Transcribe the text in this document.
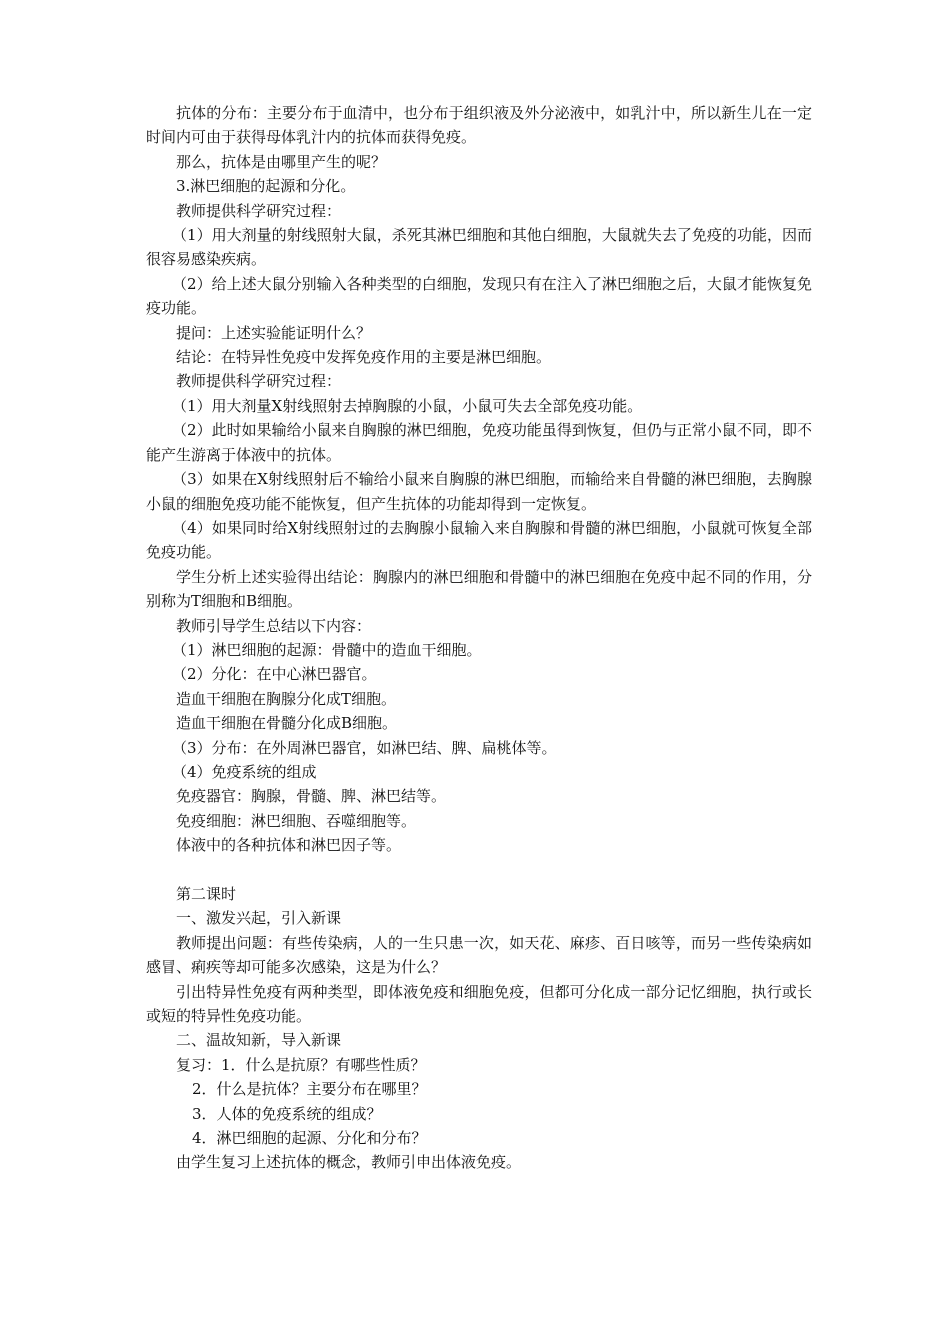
抗体的分布：主要分布于血清中，也分布于组织液及外分泌液中，如乳汁中，所以新生儿在一定时间内可由于获得母体乳汁内的抗体而获得免疫。

那么，抗体是由哪里产生的呢？

3.淋巴细胞的起源和分化。

教师提供科学研究过程：

（1）用大剂量的射线照射大鼠，杀死其淋巴细胞和其他白细胞，大鼠就失去了免疫的功能，因而很容易感染疾病。

（2）给上述大鼠分别输入各种类型的白细胞，发现只有在注入了淋巴细胞之后，大鼠才能恢复免疫功能。

提问：上述实验能证明什么？

结论：在特异性免疫中发挥免疫作用的主要是淋巴细胞。

教师提供科学研究过程：

（1）用大剂量X射线照射去掉胸腺的小鼠，小鼠可失去全部免疫功能。

（2）此时如果输给小鼠来自胸腺的淋巴细胞，免疫功能虽得到恢复，但仍与正常小鼠不同，即不能产生游离于体液中的抗体。

（3）如果在X射线照射后不输给小鼠来自胸腺的淋巴细胞，而输给来自骨髓的淋巴细胞，去胸腺小鼠的细胞免疫功能不能恢复，但产生抗体的功能却得到一定恢复。

（4）如果同时给X射线照射过的去胸腺小鼠输入来自胸腺和骨髓的淋巴细胞，小鼠就可恢复全部免疫功能。

学生分析上述实验得出结论：胸腺内的淋巴细胞和骨髓中的淋巴细胞在免疫中起不同的作用，分别称为T细胞和B细胞。

教师引导学生总结以下内容：

（1）淋巴细胞的起源：骨髓中的造血干细胞。

（2）分化：在中心淋巴器官。

造血干细胞在胸腺分化成T细胞。

造血干细胞在骨髓分化成B细胞。

（3）分布：在外周淋巴器官，如淋巴结、脾、扁桃体等。

（4）免疫系统的组成

免疫器官：胸腺，骨髓、脾、淋巴结等。

免疫细胞：淋巴细胞、吞噬细胞等。

体液中的各种抗体和淋巴因子等。

第二课时

一、激发兴起，引入新课

教师提出问题：有些传染病，人的一生只患一次，如天花、麻疹、百日咳等，而另一些传染病如感冒、痢疾等却可能多次感染，这是为什么？

引出特异性免疫有两种类型，即体液免疫和细胞免疫，但都可分化成一部分记忆细胞，执行或长或短的特异性免疫功能。

二、温故知新，导入新课

复习：1．什么是抗原？有哪些性质？

2．什么是抗体？主要分布在哪里？

3．人体的免疫系统的组成？

4．淋巴细胞的起源、分化和分布？

由学生复习上述抗体的概念，教师引申出体液免疫。
